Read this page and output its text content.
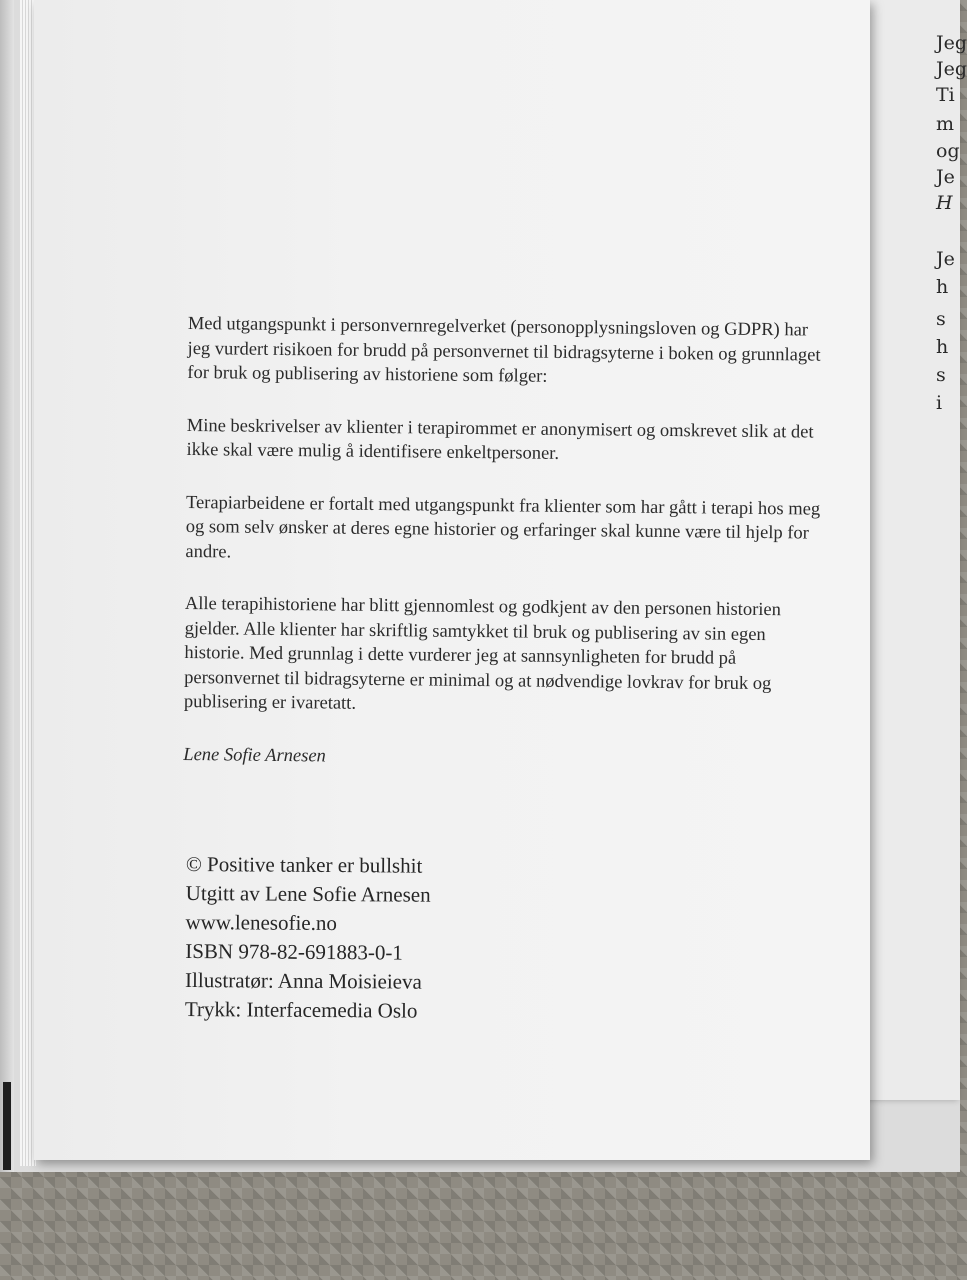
Jeg
Jeg
Ti
m
og
Je
H
Je
h
s
h
s
i

Med utgangspunkt i personvernregelverket (personopplysningsloven og GDPR) har jeg vurdert risikoen for brudd på personvernet til bidragsyterne i boken og grunnlaget for bruk og publisering av historiene som følger:

Mine beskrivelser av klienter i terapirommet er anonymisert og omskrevet slik at det ikke skal være mulig å identifisere enkeltpersoner.

Terapiarbeidene er fortalt med utgangspunkt fra klienter som har gått i terapi hos meg og som selv ønsker at deres egne historier og erfaringer skal kunne være til hjelp for andre.

Alle terapihistoriene har blitt gjennomlest og godkjent av den personen historien gjelder. Alle klienter har skriftlig samtykket til bruk og publisering av sin egen historie. Med grunnlag i dette vurderer jeg at sannsynligheten for brudd på personvernet til bidragsyterne er minimal og at nødvendige lovkrav for bruk og publisering er ivaretatt.

Lene Sofie Arnesen

© Positive tanker er bullshit
Utgitt av Lene Sofie Arnesen
www.lenesofie.no
ISBN 978-82-691883-0-1
Illustratør: Anna Moisieieva
Trykk: Interfacemedia Oslo
